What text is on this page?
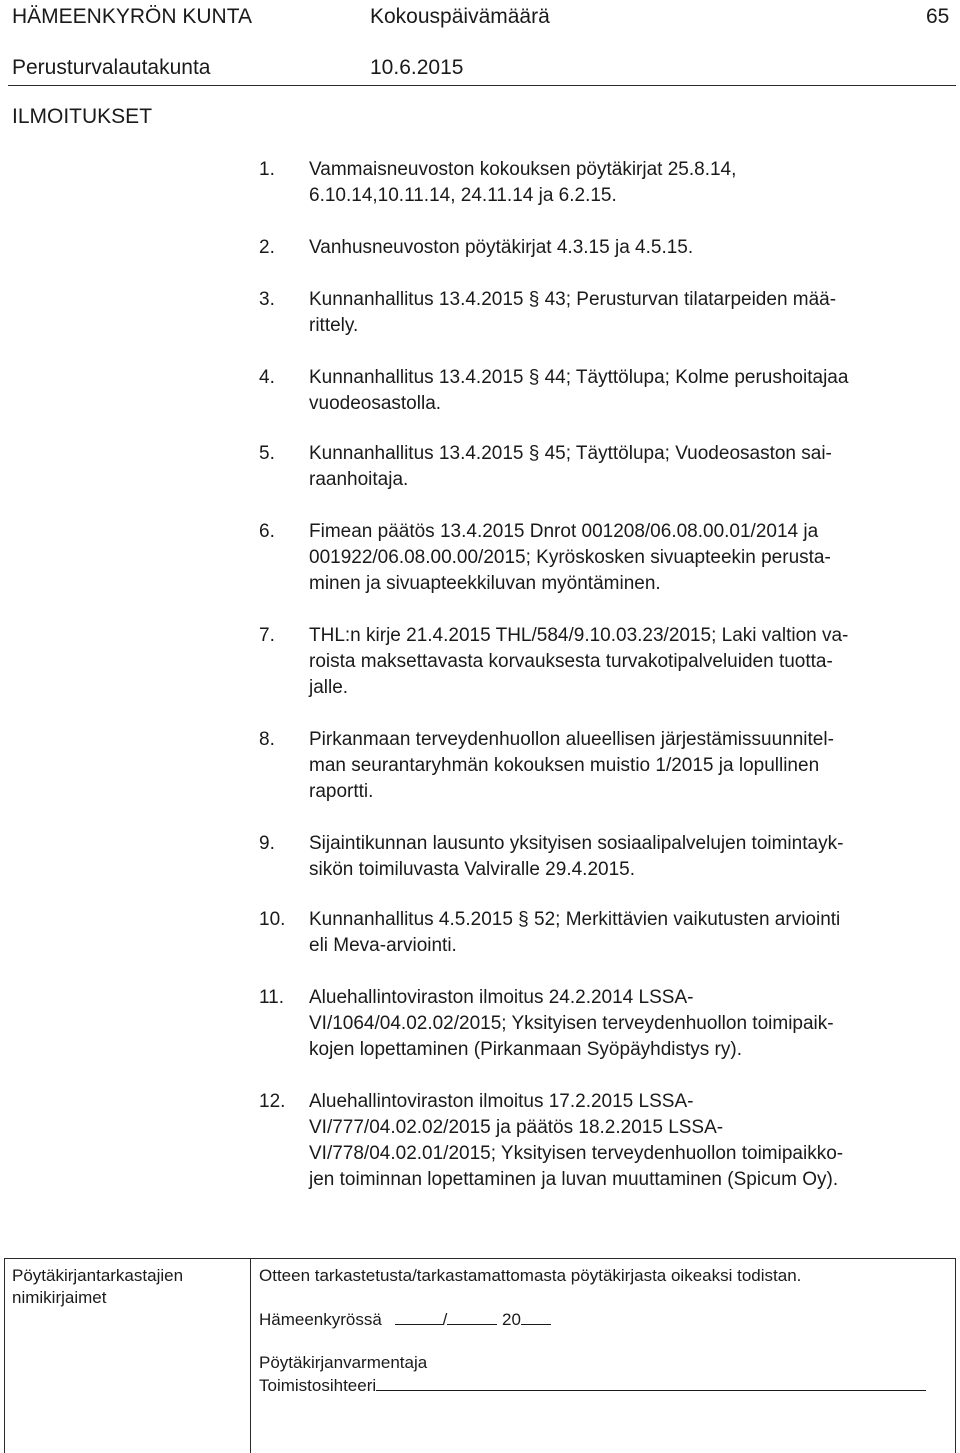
HÄMEENKYRÖN KUNTA	Kokouspäivämäärä	65
Perusturvalautakunta	10.6.2015
ILMOITUKSET
1. Vammaisneuvoston kokouksen pöytäkirjat 25.8.14,
6.10.14,10.11.14, 24.11.14 ja 6.2.15.
2. Vanhusneuvoston pöytäkirjat 4.3.15 ja 4.5.15.
3. Kunnanhallitus 13.4.2015 § 43; Perusturvan tilatarpeiden mää-
rittely.
4. Kunnanhallitus 13.4.2015 § 44; Täyttölupa; Kolme perushoitajaa
vuodeosastolla.
5. Kunnanhallitus 13.4.2015 § 45; Täyttölupa; Vuodeosaston sai-
raanhoitaja.
6. Fimean päätös 13.4.2015 Dnrot 001208/06.08.00.01/2014 ja
001922/06.08.00.00/2015; Kyröskosken sivuapteekin perusta-
minen ja sivuapteekkiluvan myöntäminen.
7. THL:n kirje 21.4.2015 THL/584/9.10.03.23/2015; Laki valtion va-
roista maksettavasta korvauksesta turvakotipalveluiden tuotta-
jalle.
8. Pirkanmaan terveydenhuollon alueellisen järjestämissuunnitel-
man seurantaryhmän kokouksen muistio 1/2015 ja lopullinen
raportti.
9. Sijaintikunnan lausunto yksityisen sosiaalipalvelujen toimintayk-
sikön toimiluvasta Valviralle 29.4.2015.
10. Kunnanhallitus 4.5.2015 § 52; Merkittävien vaikutusten arviointi
eli Meva-arviointi.
11. Aluehallintoviraston ilmoitus 24.2.2014 LSSA-
VI/1064/04.02.02/2015; Yksityisen terveydenhuollon toimipaik-
kojen lopettaminen (Pirkanmaan Syöpäyhdistys ry).
12. Aluehallintoviraston ilmoitus 17.2.2015 LSSA-
VI/777/04.02.02/2015 ja päätös 18.2.2015 LSSA-
VI/778/04.02.01/2015; Yksityisen terveydenhuollon toimipaikko-
jen toiminnan lopettaminen ja luvan muuttaminen (Spicum Oy).
Pöytäkirjantarkastajien
nimikirjaimet
Otteen tarkastetusta/tarkastamattomasta pöytäkirjasta oikeaksi todistan.
Hämeenkyrössä	/	20
Pöytäkirjanvarmentaja
Toimistosihteeri
